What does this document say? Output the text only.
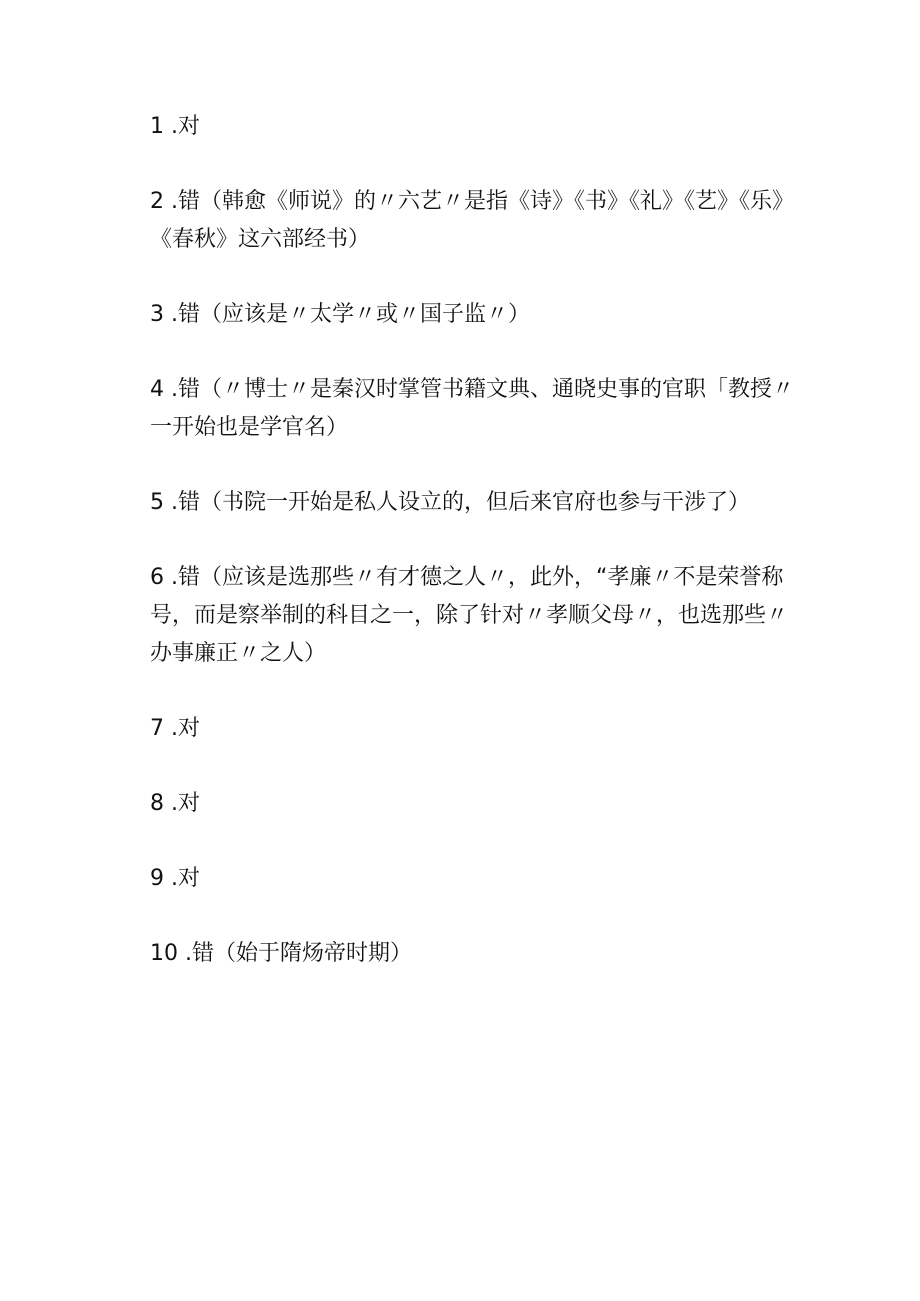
1 .对
2 .错（韩愈《师说》的〃六艺〃是指《诗》《书》《礼》《艺》《乐》《春秋》这六部经书）
3 .错（应该是〃太学〃或〃国子监〃）
4 .错（〃博士〃是秦汉时掌管书籍文典、通晓史事的官职「教授〃一开始也是学官名）
5 .错（书院一开始是私人设立的，但后来官府也参与干涉了）
6 .错（应该是选那些〃有才德之人〃，此外，“孝廉〃不是荣誉称号，而是察举制的科目之一，除了针对〃孝顺父母〃，也选那些〃办事廉正〃之人）
7 .对
8 .对
9 .对
10 .错（始于隋炀帝时期）
